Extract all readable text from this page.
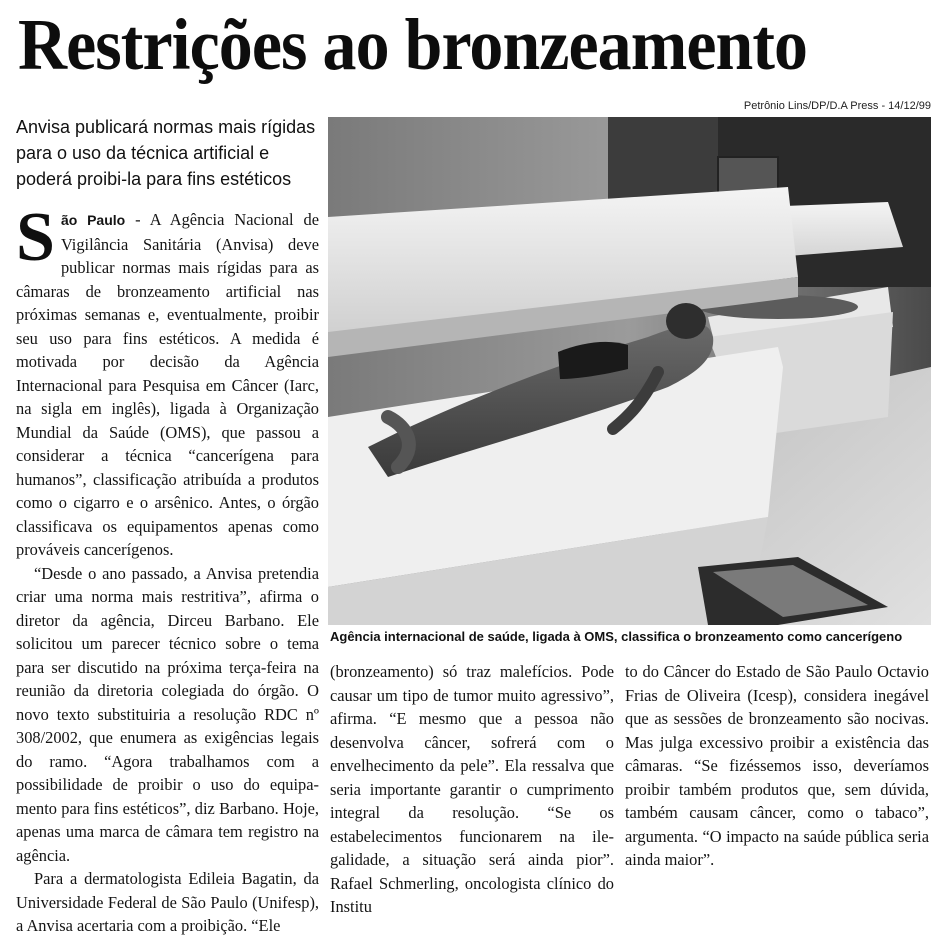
Restrições ao bronzeamento
Petrônio Lins/DP/D.A Press - 14/12/99
Anvisa publicará normas mais rígidas para o uso da técnica artificial e poderá proibi-la para fins estéticos

São Paulo - A Agência Nacional de Vigilância Sanitária (Anvisa) deve publicar normas mais rígidas para as câmaras de bronzeamento artificial nas próximas semanas e, eventualmente, proibir seu uso para fins estéticos. A medida é motivada por decisão da Agência Internacional para Pesquisa em Câncer (Iarc, na sigla em inglês), ligada à Organização Mundial da Saúde (OMS), que passou a considerar a técnica “cancerígеna para humanos”, classificação atribuída a produtos como o cigarro e o arsênico. Antes, o órgão classificava os equipamentos apenas como prováveis cancerígenos.

“Desde o ano passado, a Anvisa pretendia criar uma norma mais restritiva”, afirma o diretor da agência, Dirceu Barbano. Ele solicitou um parecer técnico sobre o tema para ser discutido na próxima terça-feira na reunião da diretoria colegiada do órgão. O novo texto substituiria a resolução RDC nº 308/2002, que enumera as exigências legais do ramo. “Agora trabalhamos com a possibilidade de proibir o uso do equipamento para fins estéticos”, diz Barbano. Hoje, apenas uma marca de câmara tem registro na agência.

Para a dermatologista Edileia Bagatin, da Universidade Federal de São Paulo (Unifesp), a Anvisa acertaria com a proibição. “Ele

Agência internacional de saúde, ligada à OMS, classifica o bronzeamento como cancerígeno

(bronzeamento) só traz malefícios. Pode causar um tipo de tumor muito agressivo”, afirma. “E mesmo que a pessoa não desenvolva câncer, sofrerá com o envelhecimento da pele”. Ela ressalva que seria importante garantir o cumprimento integral da resolução. “Se os estabelecimentos funcionarem na ilegalidade, a situação será ainda pior”. Rafael Schmerling, oncologista clínico do Institu

to do Câncer do Estado de São Paulo Octavio Frias de Oliveira (Icesp), considera inegável que as sessões de bronzeamento são nocivas. Mas julga excessivo proibir a existência das câmaras. “Se fizéssemos isso, deveríamos proibir também produtos que, sem dúvida, também causam câncer, como o tabaco”, argumenta. “O impacto na saúde pública seria ainda maior”.
